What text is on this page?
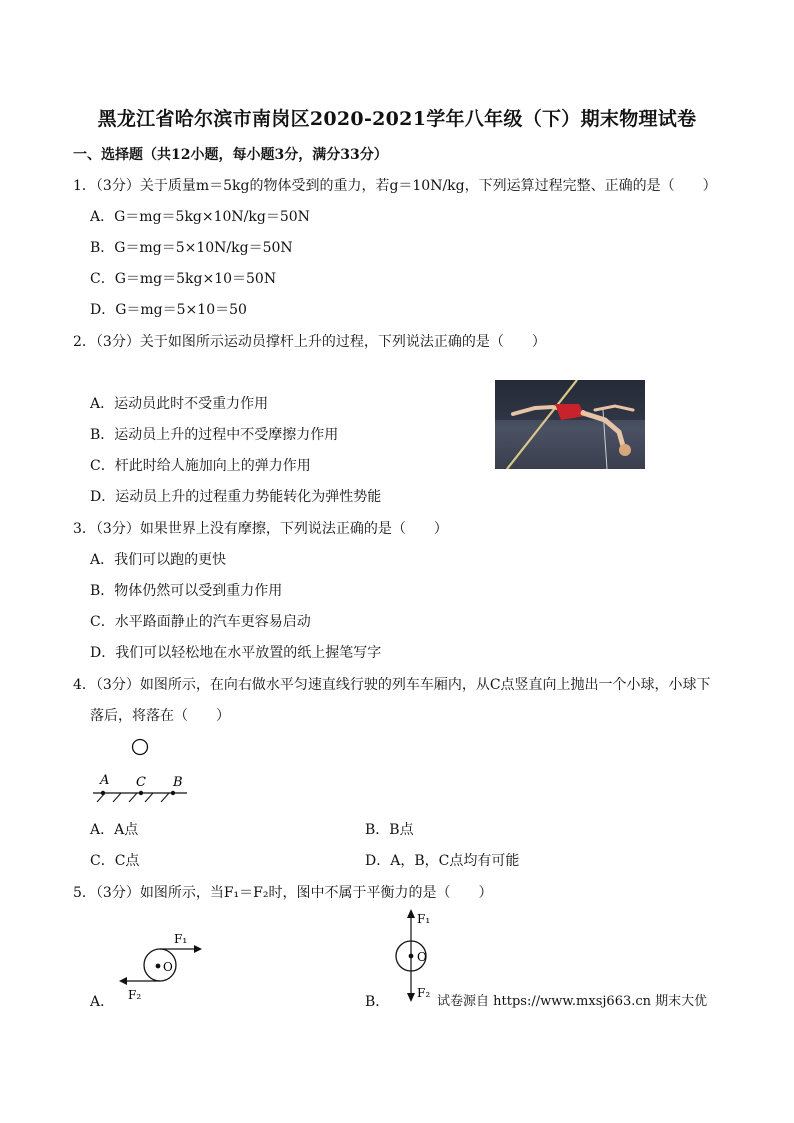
黑龙江省哈尔滨市南岗区2020-2021学年八年级（下）期末物理试卷
一、选择题（共12小题，每小题3分，满分33分）
1．（3分）关于质量m＝5kg的物体受到的重力，若g＝10N/kg，下列运算过程完整、正确的是（　　）
A．G＝mg＝5kg×10N/kg＝50N
B．G＝mg＝5×10N/kg＝50N
C．G＝mg＝5kg×10＝50N
D．G＝mg＝5×10＝50
2．（3分）关于如图所示运动员撑杆上升的过程，下列说法正确的是（　　）
A．运动员此时不受重力作用
B．运动员上升的过程中不受摩擦力作用
C．杆此时给人施加向上的弹力作用
D．运动员上升的过程重力势能转化为弹性势能
3．（3分）如果世界上没有摩擦，下列说法正确的是（　　）
A．我们可以跑的更快
B．物体仍然可以受到重力作用
C．水平路面静止的汽车更容易启动
D．我们可以轻松地在水平放置的纸上握笔写字
4．（3分）如图所示，在向右做水平匀速直线行驶的列车车厢内，从C点竖直向上抛出一个小球，小球下
落后，将落在（　　）
A C B
A．A点	B．B点
C．C点	D．A，B，C点均有可能
5．（3分）如图所示，当F₁＝F₂时，图中不属于平衡力的是（　　）
O
F₁
F₂
A．
O
F₁
F₂
B．	试卷源自 https://www.mxsj663.cn 期末大优
